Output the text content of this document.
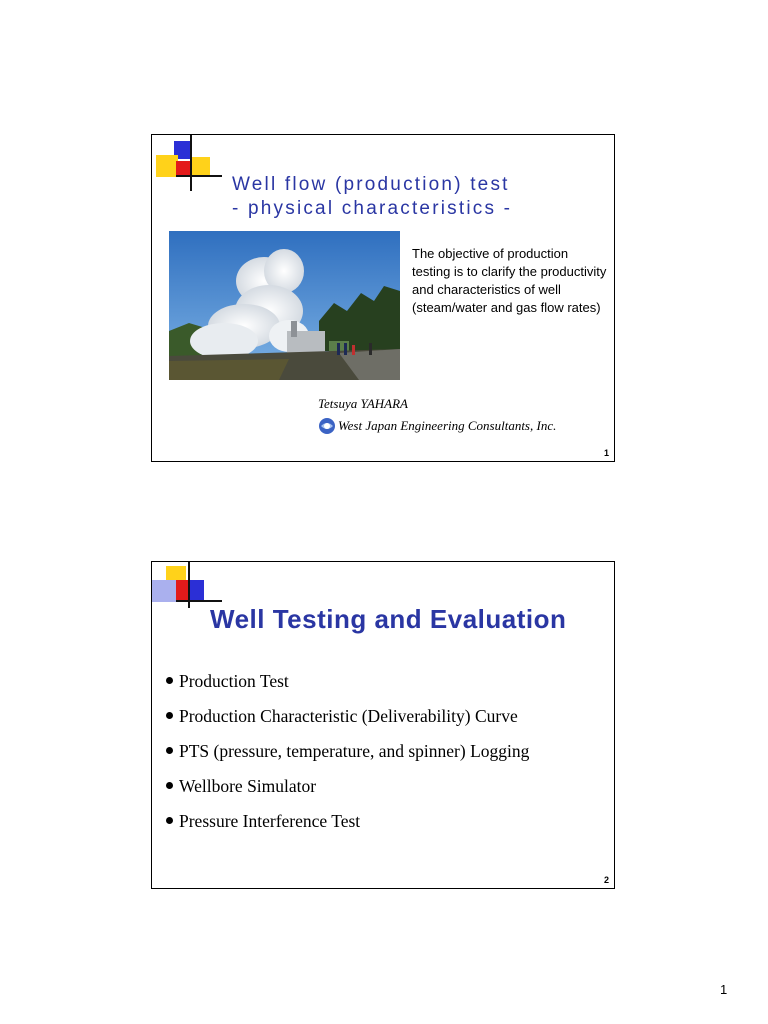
Well flow (production) test
- physical characteristics -

The objective of production testing is to clarify the productivity and characteristics of well (steam/water and gas flow rates)

Tetsuya YAHARA

West Japan Engineering Consultants, Inc.

1
Well Testing and Evaluation
Production Test
Production Characteristic (Deliverability) Curve
PTS (pressure, temperature, and spinner) Logging
Wellbore Simulator
Pressure Interference Test
2
1
